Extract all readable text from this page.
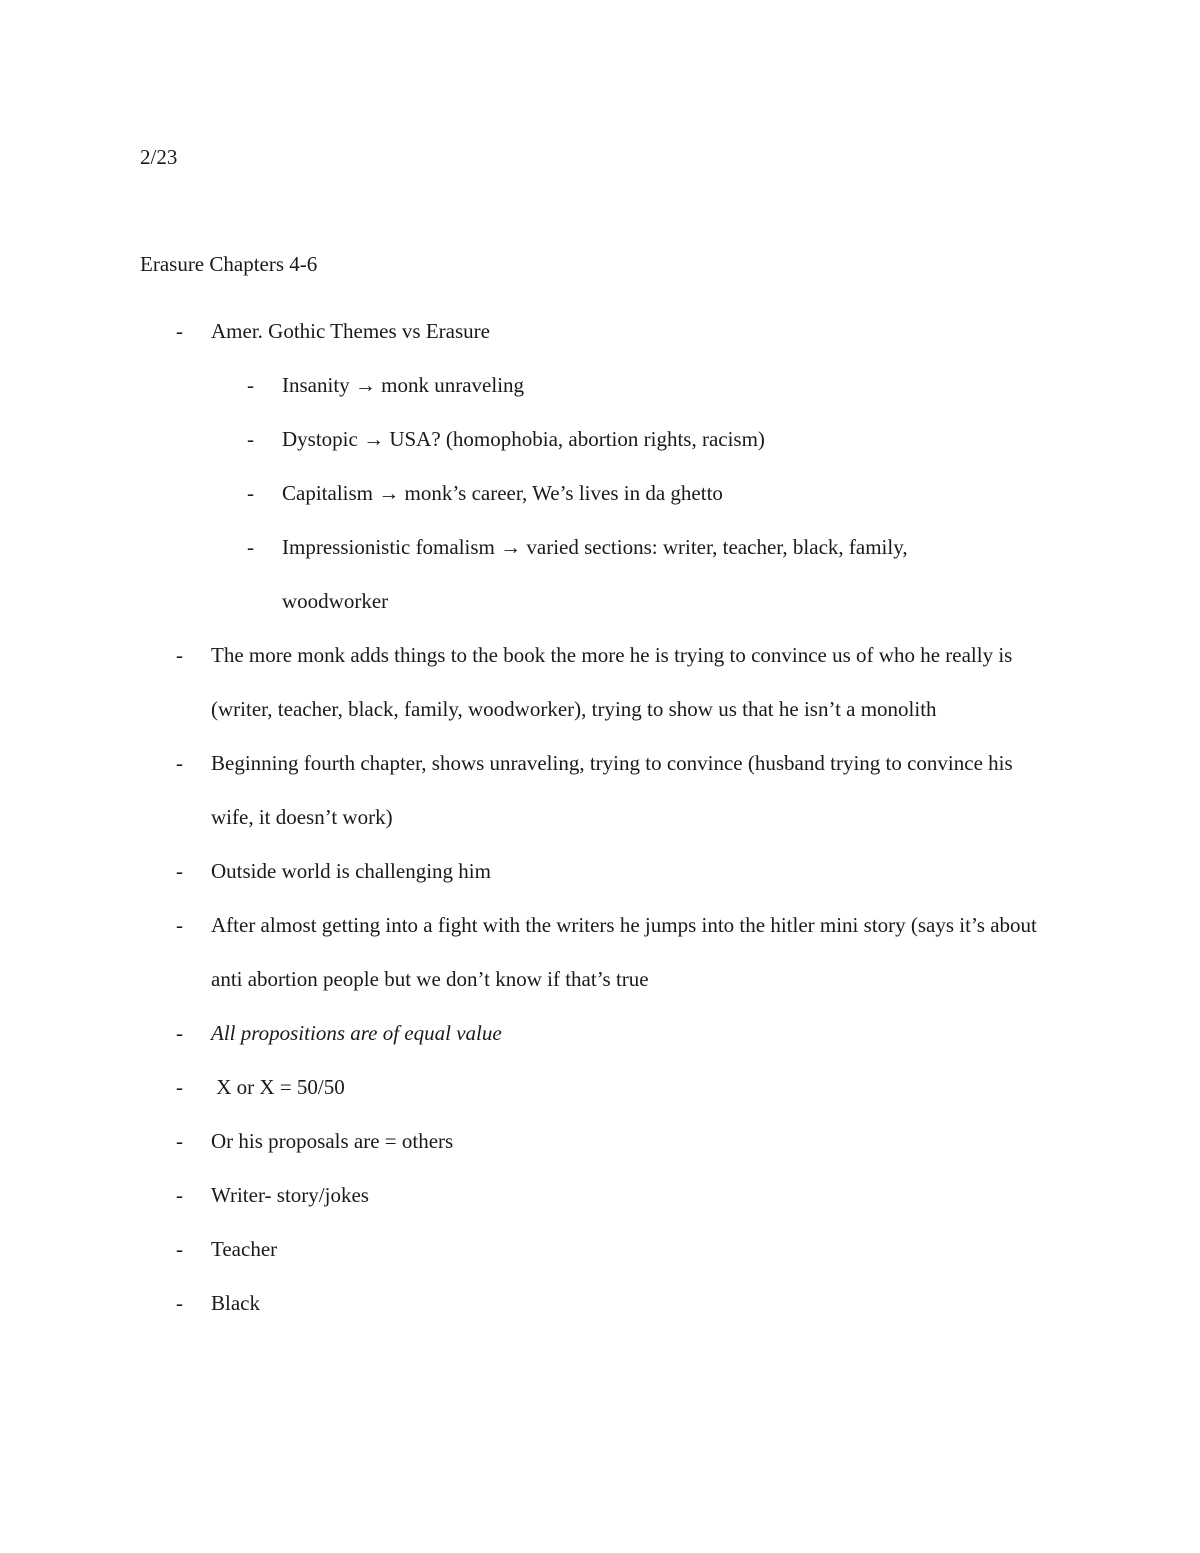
2/23
Erasure Chapters 4-6
- Amer. Gothic Themes vs Erasure
- Insanity → monk unraveling
- Dystopic → USA? (homophobia, abortion rights, racism)
- Capitalism → monk’s career, We’s lives in da ghetto
- Impressionistic fomalism → varied sections: writer, teacher, black, family, woodworker
- The more monk adds things to the book the more he is trying to convince us of who he really is (writer, teacher, black, family, woodworker), trying to show us that he isn’t a monolith
- Beginning fourth chapter, shows unraveling, trying to convince (husband trying to convince his wife, it doesn’t work)
- Outside world is challenging him
- After almost getting into a fight with the writers he jumps into the hitler mini story (says it’s about anti abortion people but we don’t know if that’s true
- All propositions are of equal value
- X or X = 50/50
- Or his proposals are = others
- Writer- story/jokes
- Teacher
- Black
